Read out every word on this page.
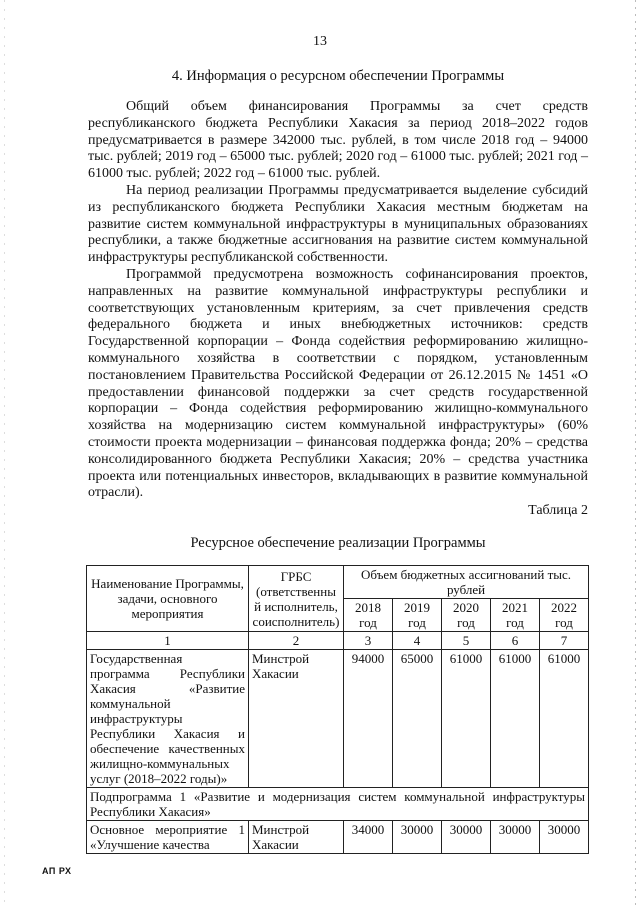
13
4. Информация о ресурсном обеспечении Программы

Общий объем финансирования Программы за счет средств республиканского бюджета Республики Хакасия за период 2018–2022 годов предусматривается в размере 342000 тыс. рублей, в том числе 2018 год – 94000 тыс. рублей; 2019 год – 65000 тыс. рублей; 2020 год – 61000 тыс. рублей; 2021 год – 61000 тыс. рублей; 2022 год – 61000 тыс. рублей.

На период реализации Программы предусматривается выделение субсидий из республиканского бюджета Республики Хакасия местным бюджетам на развитие систем коммунальной инфраструктуры в муниципальных образованиях республики, а также бюджетные ассигнования на развитие систем коммунальной инфраструктуры республиканской собственности.

Программой предусмотрена возможность софинансирования проектов, направленных на развитие коммунальной инфраструктуры республики и соответствующих установленным критериям, за счет привлечения средств федерального бюджета и иных внебюджетных источников: средств Государственной корпорации – Фонда содействия реформированию жилищно-коммунального хозяйства в соответствии с порядком, установленным постановлением Правительства Российской Федерации от 26.12.2015 № 1451 «О предоставлении финансовой поддержки за счет средств государственной корпорации – Фонда содействия реформированию жилищно-коммунального хозяйства на модернизацию систем коммунальной инфраструктуры» (60% стоимости проекта модернизации – финансовая поддержка фонда; 20% – средства консолидированного бюджета Республики Хакасия; 20% – средства участника проекта или потенциальных инвесторов, вкладывающих в развитие коммунальной отрасли).

Таблица 2
Ресурсное обеспечение реализации Программы
Наименование Программы, задачи, основного мероприятия	ГРБС (ответственны й исполнитель, соисполнитель)	Объем бюджетных ассигнований тыс. рублей				
		2018 год	2019 год	2020 год	2021 год	2022 год
1	2	3	4	5	6	7
Государственная программа Республики Хакасия «Развитие коммунальной инфраструктуры Республики Хакасия и обеспечение качественных жилищно-коммунальных услуг (2018–2022 годы)»	Минстрой Хакасии	94000	65000	61000	61000	61000
Подпрограмма 1 «Развитие и модернизация систем коммунальной инфраструктуры Республики Хакасия»						
Основное мероприятие 1 «Улучшение качества	Минстрой Хакасии	34000	30000	30000	30000	30000
АП РХ
